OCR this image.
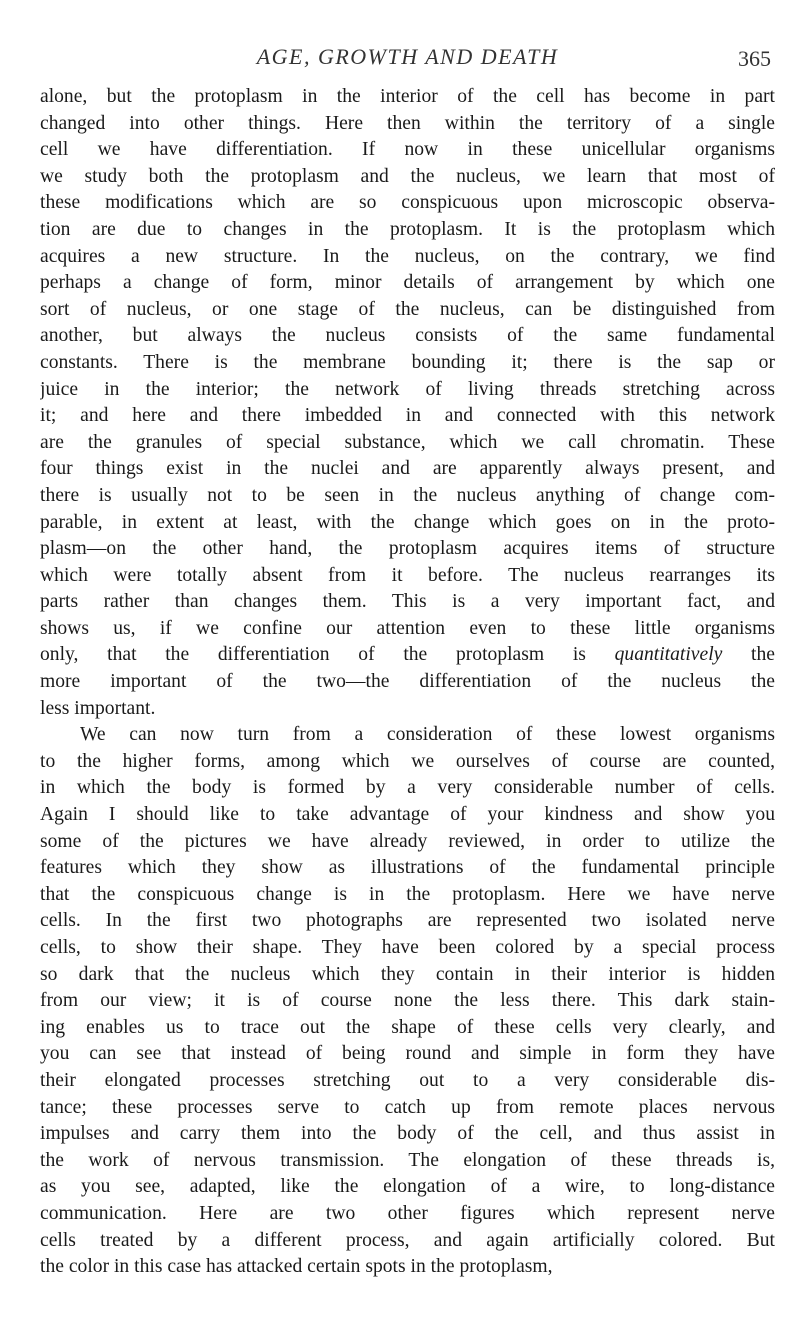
AGE, GROWTH AND DEATH	365
alone, but the protoplasm in the interior of the cell has become in part
changed into other things. Here then within the territory of a single
cell we have differentiation. If now in these unicellular organisms
we study both the protoplasm and the nucleus, we learn that most of
these modifications which are so conspicuous upon microscopic observa-
tion are due to changes in the protoplasm. It is the protoplasm which
acquires a new structure. In the nucleus, on the contrary, we find
perhaps a change of form, minor details of arrangement by which one
sort of nucleus, or one stage of the nucleus, can be distinguished from
another, but always the nucleus consists of the same fundamental
constants. There is the membrane bounding it; there is the sap or
juice in the interior; the network of living threads stretching across
it; and here and there imbedded in and connected with this network
are the granules of special substance, which we call chromatin. These
four things exist in the nuclei and are apparently always present, and
there is usually not to be seen in the nucleus anything of change com-
parable, in extent at least, with the change which goes on in the proto-
plasm—on the other hand, the protoplasm acquires items of structure
which were totally absent from it before. The nucleus rearranges its
parts rather than changes them. This is a very important fact, and
shows us, if we confine our attention even to these little organisms
only, that the differentiation of the protoplasm is quantitatively the
more important of the two—the differentiation of the nucleus the
less important.
We can now turn from a consideration of these lowest organisms
to the higher forms, among which we ourselves of course are counted,
in which the body is formed by a very considerable number of cells.
Again I should like to take advantage of your kindness and show you
some of the pictures we have already reviewed, in order to utilize the
features which they show as illustrations of the fundamental principle
that the conspicuous change is in the protoplasm. Here we have nerve
cells. In the first two photographs are represented two isolated nerve
cells, to show their shape. They have been colored by a special process
so dark that the nucleus which they contain in their interior is hidden
from our view; it is of course none the less there. This dark stain-
ing enables us to trace out the shape of these cells very clearly, and
you can see that instead of being round and simple in form they have
their elongated processes stretching out to a very considerable dis-
tance; these processes serve to catch up from remote places nervous
impulses and carry them into the body of the cell, and thus assist in
the work of nervous transmission. The elongation of these threads is,
as you see, adapted, like the elongation of a wire, to long-distance
communication. Here are two other figures which represent nerve
cells treated by a different process, and again artificially colored. But
the color in this case has attacked certain spots in the protoplasm,
